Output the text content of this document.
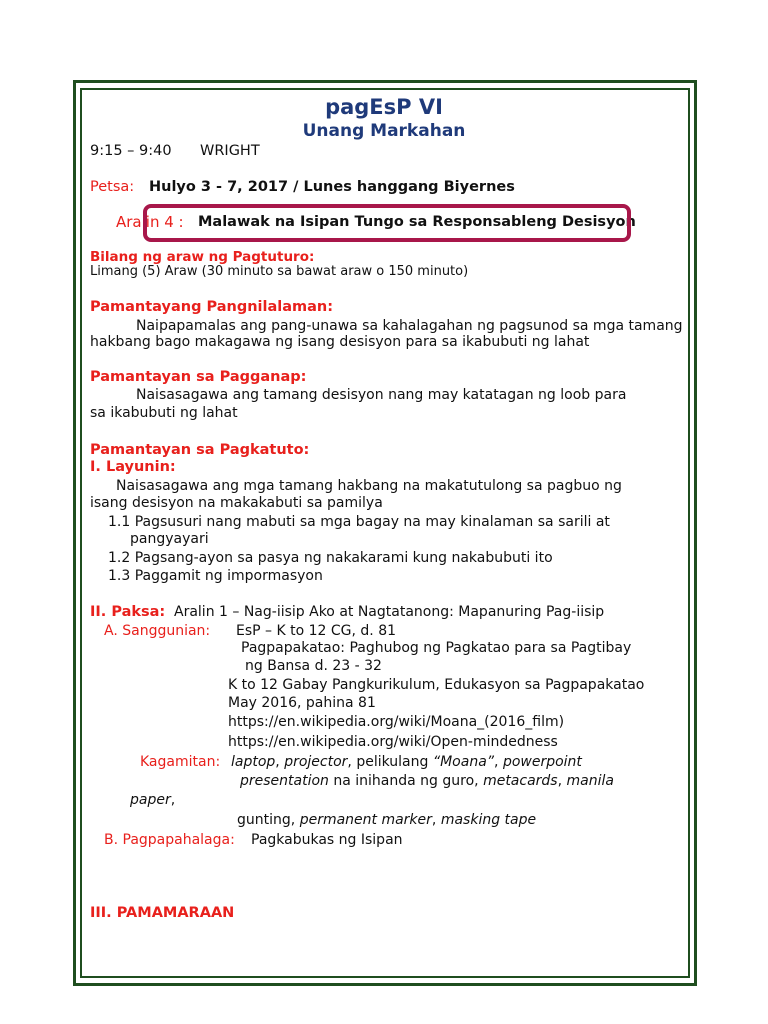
pagEsP VI
Unang Markahan
9:15 – 9:40 WRIGHT
Petsa: Hulyo 3 - 7, 2017 / Lunes hanggang Biyernes
Aralin 4 : Malawak na Isipan Tungo sa Responsableng Desisyon
Bilang ng araw ng Pagtuturo:
Limang (5) Araw (30 minuto sa bawat araw o 150 minuto)
Pamantayang Pangnilalaman:
Naipapamalas ang pang-unawa sa kahalagahan ng pagsunod sa mga tamang
hakbang bago makagawa ng isang desisyon para sa ikabubuti ng lahat
Pamantayan sa Pagganap:
Naisasagawa ang tamang desisyon nang may katatagan ng loob para
sa ikabubuti ng lahat
Pamantayan sa Pagkatuto:
I. Layunin:
Naisasagawa ang mga tamang hakbang na makatutulong sa pagbuo ng
isang desisyon na makakabuti sa pamilya
1.1 Pagsusuri nang mabuti sa mga bagay na may kinalaman sa sarili at
pangyayari
1.2 Pagsang-ayon sa pasya ng nakakarami kung nakabubuti ito
1.3 Paggamit ng impormasyon
II. Paksa: Aralin 1 – Nag-iisip Ako at Nagtatanong: Mapanuring Pag-iisip
A. Sanggunian: EsP – K to 12 CG, d. 81
Pagpapakatao: Paghubog ng Pagkatao para sa Pagtibay
ng Bansa d. 23 - 32
K to 12 Gabay Pangkurikulum, Edukasyon sa Pagpapakatao
May 2016, pahina 81
https://en.wikipedia.org/wiki/Moana_(2016_film)
https://en.wikipedia.org/wiki/Open-mindedness
Kagamitan: laptop, projector, pelikulang “Moana”, powerpoint
presentation na inihanda ng guro, metacards, manila
paper,
gunting, permanent marker, masking tape
B. Pagpapahalaga: Pagkabukas ng Isipan
III. PAMAMARAAN
